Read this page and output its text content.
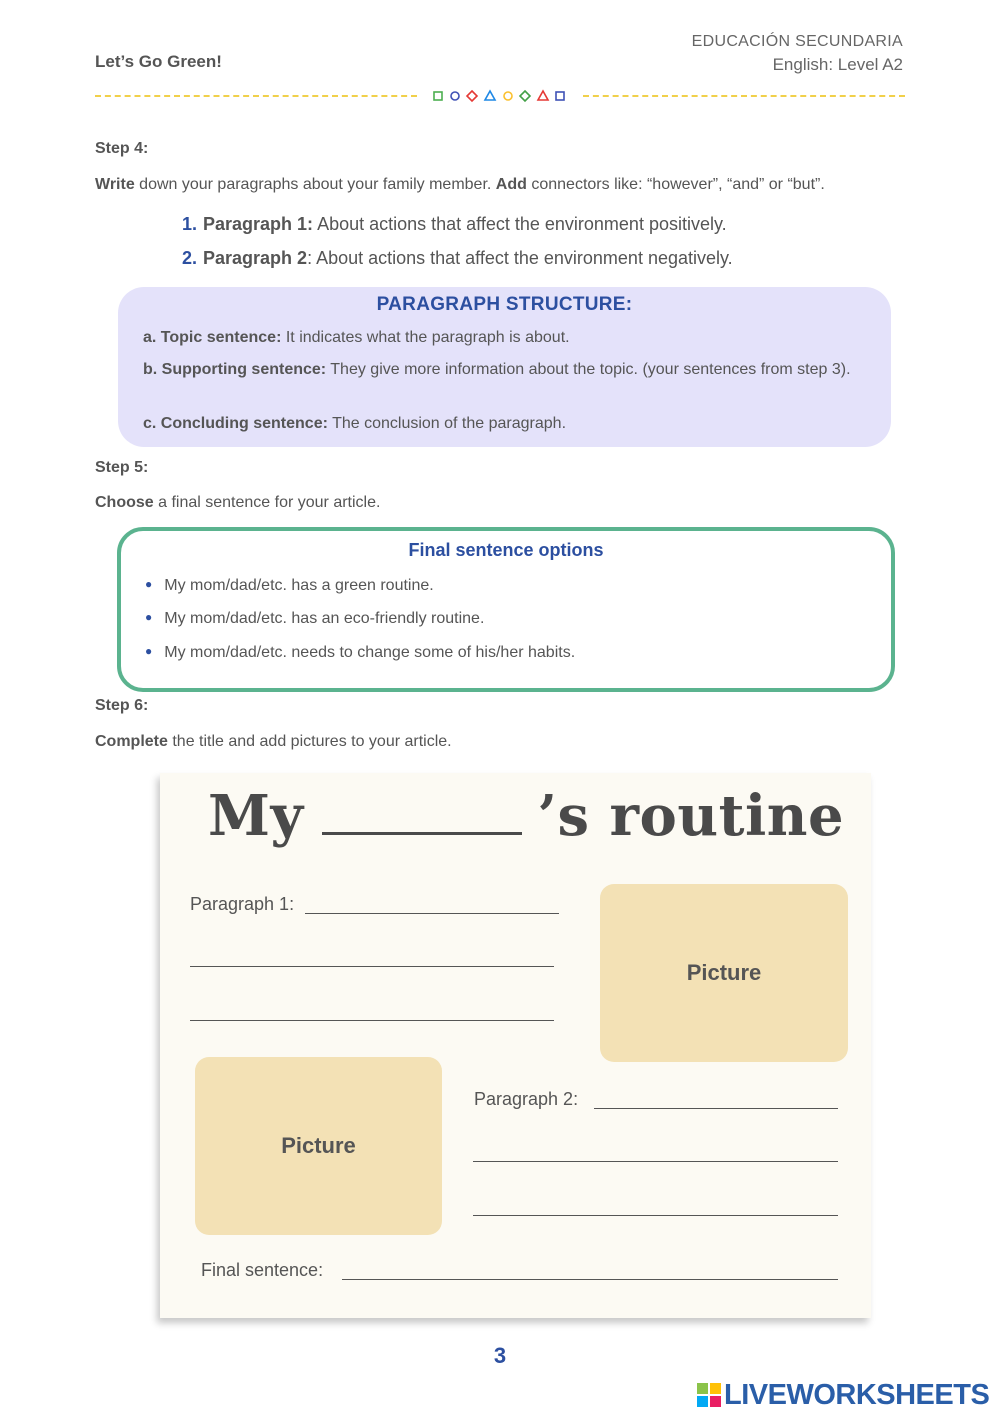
Let’s Go Green!
EDUCACIÓN SECUNDARIA
English: Level A2
Step 4:
Write down your paragraphs about your family member. Add connectors like: “however”, “and” or “but”.
1. Paragraph 1: About actions that affect the environment positively.
2. Paragraph 2: About actions that affect the environment negatively.
PARAGRAPH STRUCTURE:
a. Topic sentence: It indicates what the paragraph is about.
b. Supporting sentence: They give more information about the topic. (your sentences from step 3).
c. Concluding sentence: The conclusion of the paragraph.
Step 5:
Choose a final sentence for your article.
Final sentence options
● My mom/dad/etc. has a green routine.
● My mom/dad/etc. has an eco-friendly routine.
● My mom/dad/etc. needs to change some of his/her habits.
Step 6:
Complete the title and add pictures to your article.
My	’s routine
Paragraph 1:
Picture
Picture
Paragraph 2:
Final sentence:
3
LIVEWORKSHEETS
